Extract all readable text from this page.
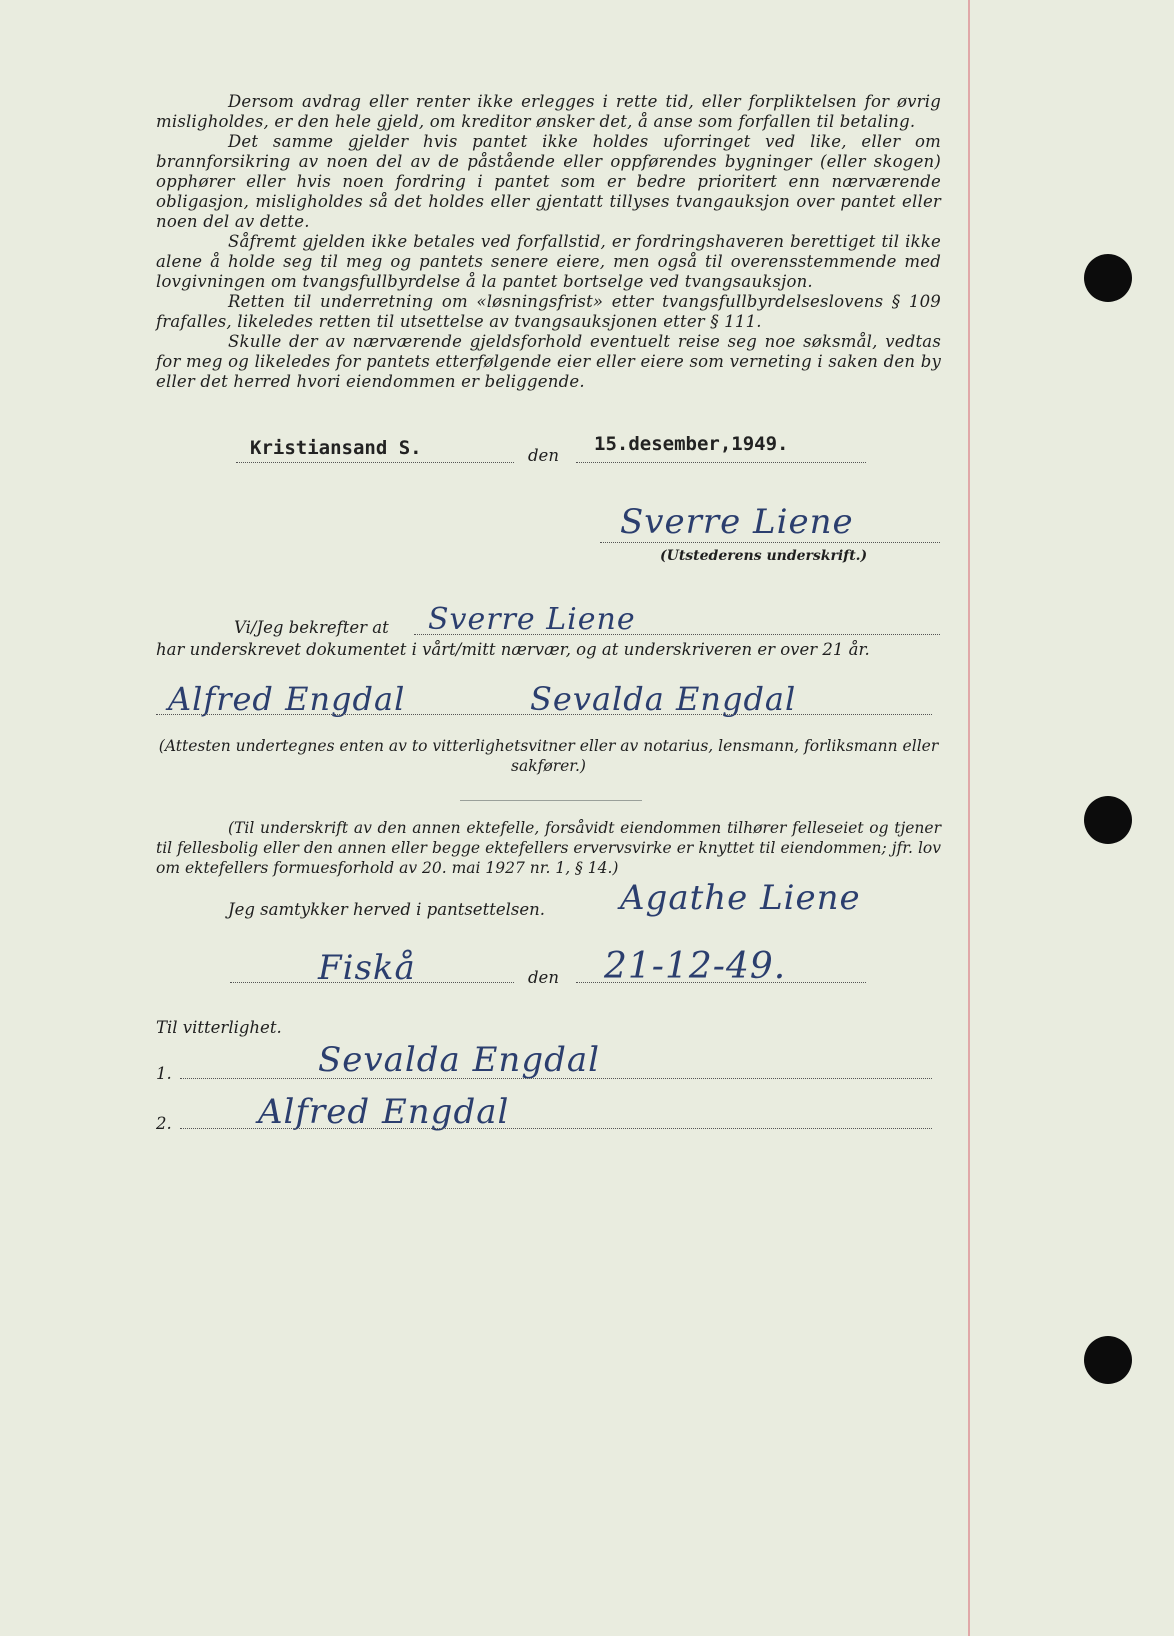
Dersom avdrag eller renter ikke erlegges i rette tid, eller forpliktelsen for øvrig misligholdes, er den hele gjeld, om kreditor ønsker det, å anse som forfallen til betaling.

Det samme gjelder hvis pantet ikke holdes uforringet ved like, eller om brannforsikring av noen del av de påstående eller oppførendes bygninger (eller skogen) opphører eller hvis noen fordring i pantet som er bedre prioritert enn nærværende obligasjon, misligholdes så det holdes eller gjentatt tillyses tvangauksjon over pantet eller noen del av dette.

Såfremt gjelden ikke betales ved forfallstid, er fordringshaveren berettiget til ikke alene å holde seg til meg og pantets senere eiere, men også til overensstemmende med lovgivningen om tvangsfullbyrdelse å la pantet bortselge ved tvangsauksjon.

Retten til underretning om «løsningsfrist» etter tvangsfullbyrdelseslovens § 109 frafalles, likeledes retten til utsettelse av tvangsauksjonen etter § 111.

Skulle der av nærværende gjeldsforhold eventuelt reise seg noe søksmål, vedtas for meg og likeledes for pantets etterfølgende eier eller eiere som verneting i saken den by eller det herred hvori eiendommen er beliggende.

Kristiansand S.	den
15.desember,1949.
Sverre Liene
(Utstederens underskrift.)
Vi/Jeg bekrefter at Sverre Liene
har underskrevet dokumentet i vårt/mitt nærvær, og at underskriveren er over 21 år.
Alfred Engdal	Sevalda Engdal
(Attesten undertegnes enten av to vitterlighetsvitner eller av notarius, lensmann, forliksmann eller sakfører.)
(Til underskrift av den annen ektefelle, forsåvidt eiendommen tilhører felleseiet og tjener til fellesbolig eller den annen eller begge ektefellers ervervsvirke er knyttet til eiendommen; jfr. lov om ektefellers formuesforhold av 20. mai 1927 nr. 1, § 14.)
Jeg samtykker herved i pantsettelsen. Agathe Liene
Fiskå	den 21-12-49.
Til vitterlighet.
1.	Sevalda Engdal
2.	Alfred Engdal
